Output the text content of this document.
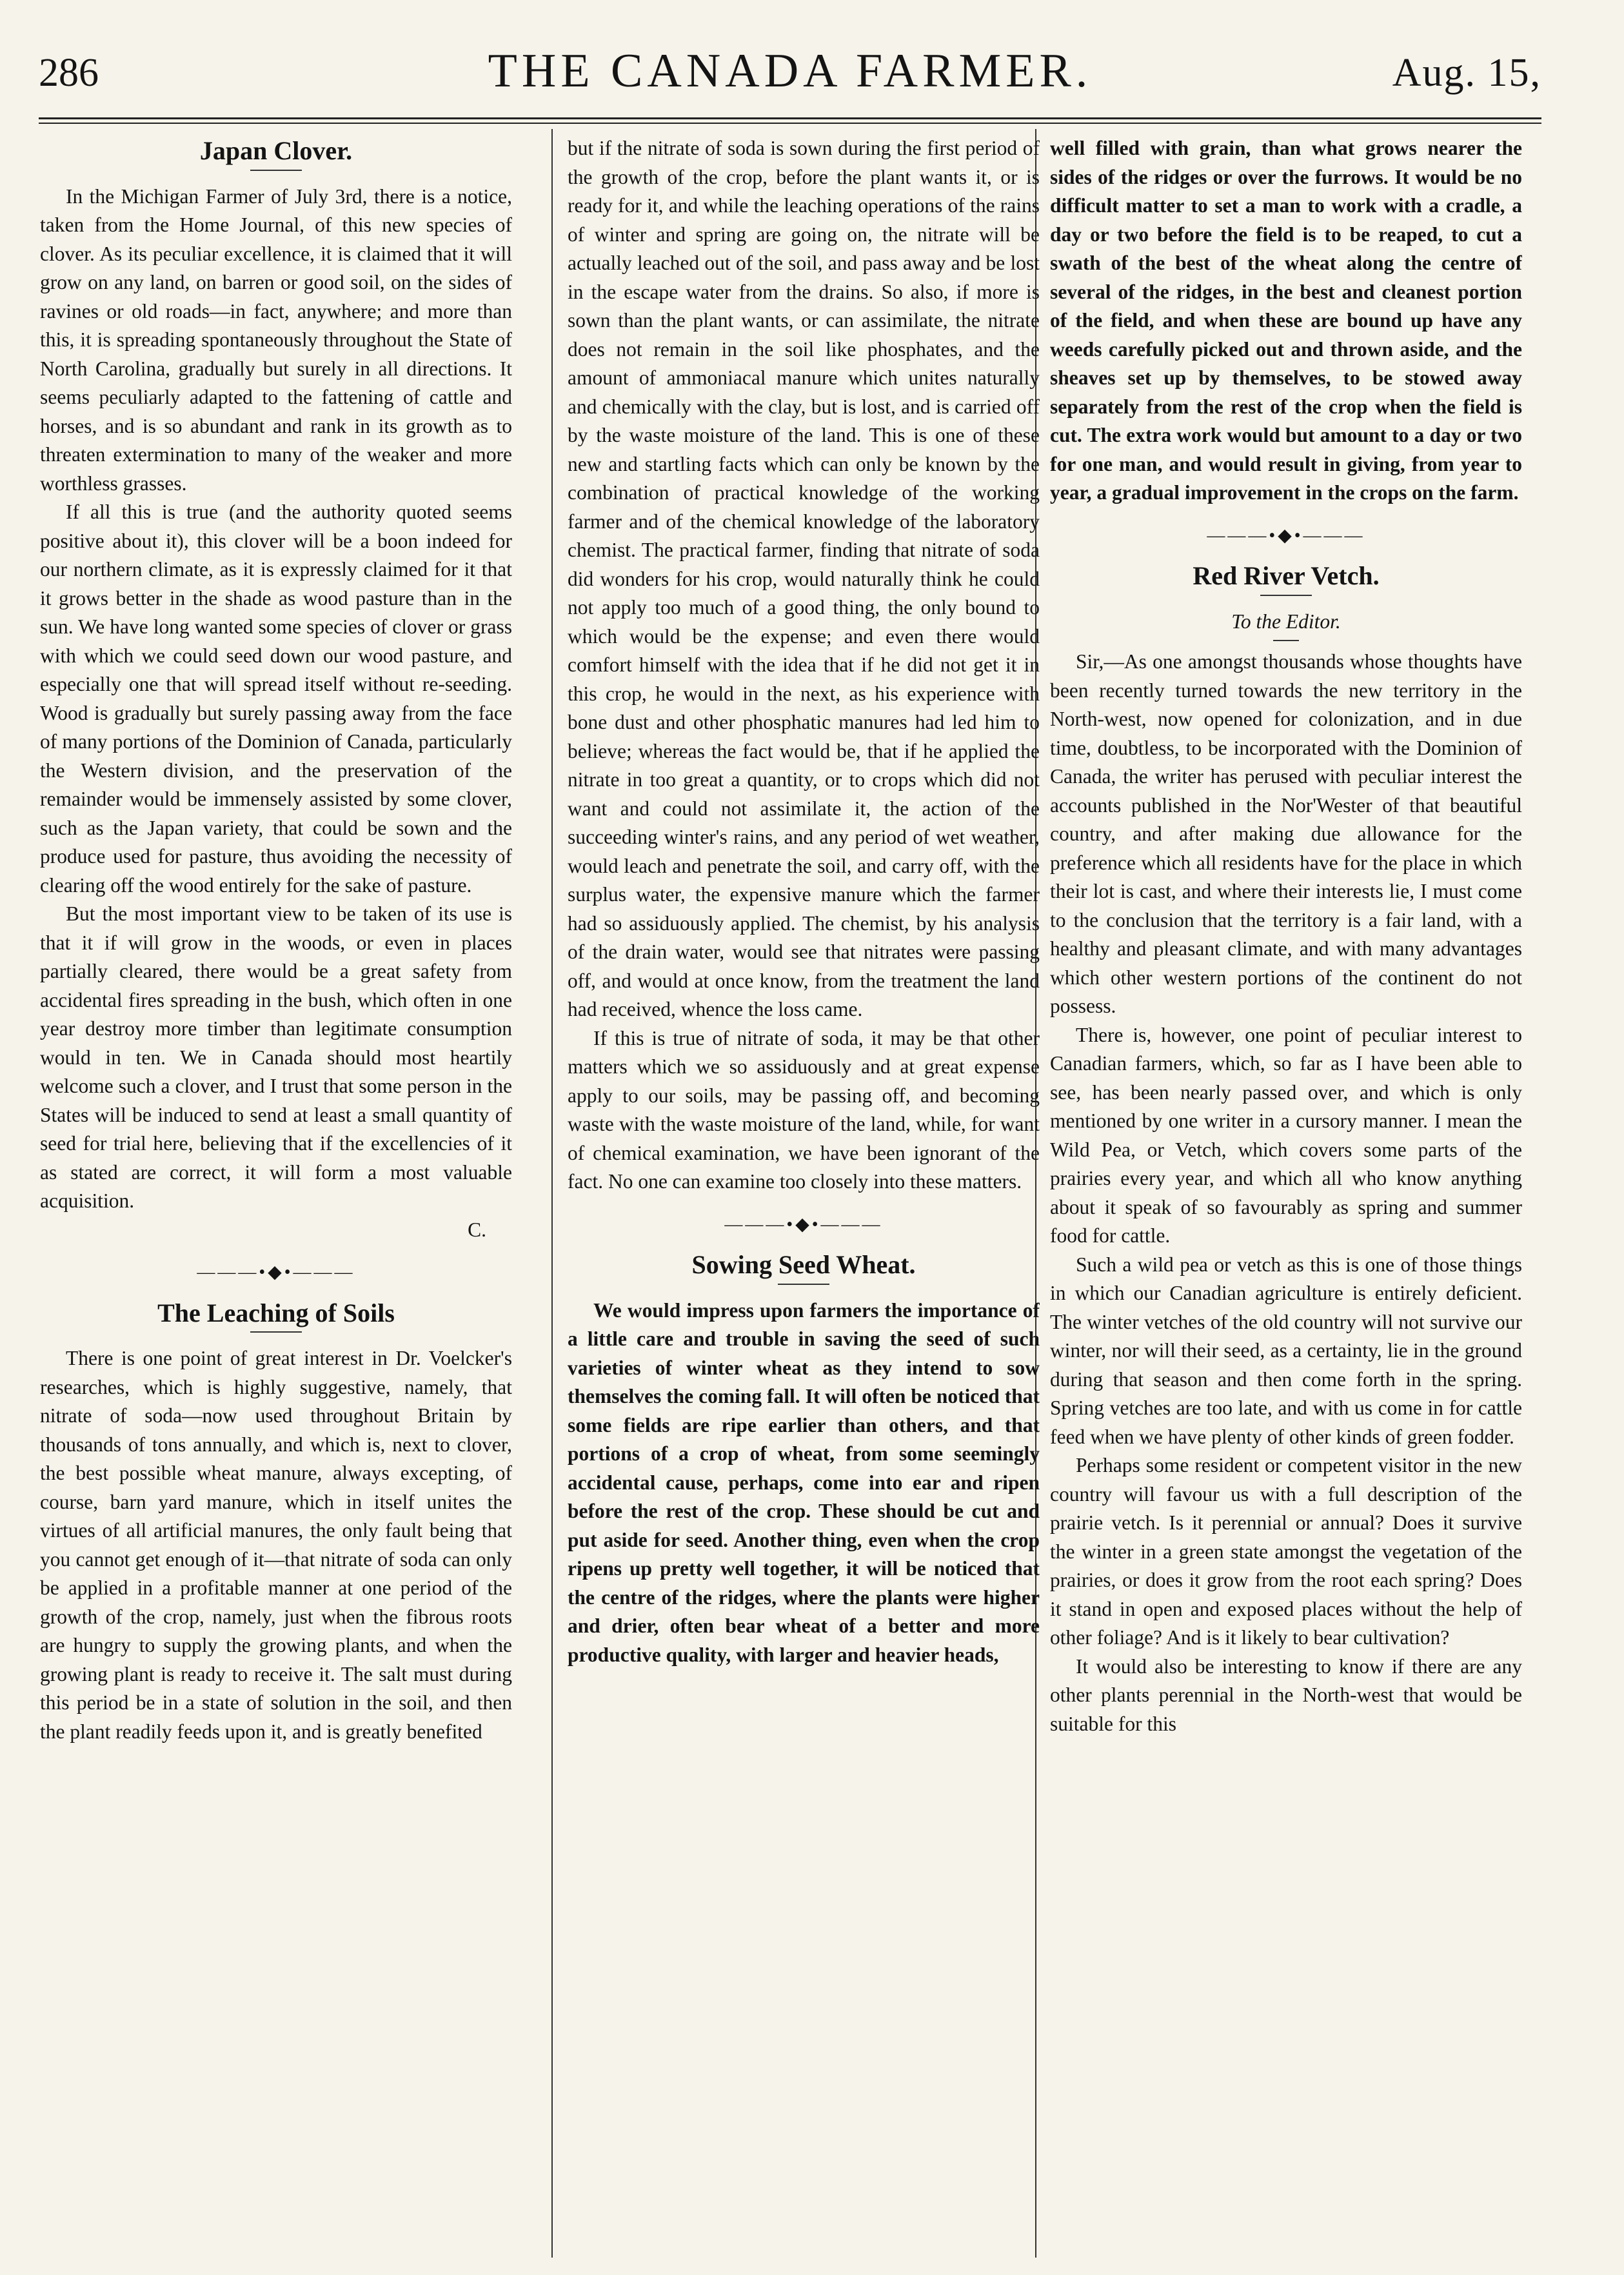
286	THE CANADA FARMER.	Aug. 15,
Japan Clover.

In the Michigan Farmer of July 3rd, there is a notice, taken from the Home Journal, of this new species of clover. As its peculiar excellence, it is claimed that it will grow on any land, on barren or good soil, on the sides of ravines or old roads—in fact, anywhere; and more than this, it is spreading spontaneously throughout the State of North Carolina, gradually but surely in all directions. It seems peculiarly adapted to the fattening of cattle and horses, and is so abundant and rank in its growth as to threaten extermination to many of the weaker and more worthless grasses.

If all this is true (and the authority quoted seems positive about it), this clover will be a boon indeed for our northern climate, as it is expressly claimed for it that it grows better in the shade as wood pasture than in the sun. We have long wanted some species of clover or grass with which we could seed down our wood pasture, and especially one that will spread itself without re-seeding. Wood is gradually but surely passing away from the face of many portions of the Dominion of Canada, particularly the Western division, and the preservation of the remainder would be immensely assisted by some clover, such as the Japan variety, that could be sown and the produce used for pasture, thus avoiding the necessity of clearing off the wood entirely for the sake of pasture.

But the most important view to be taken of its use is that it if will grow in the woods, or even in places partially cleared, there would be a great safety from accidental fires spreading in the bush, which often in one year destroy more timber than legitimate consumption would in ten. We in Canada should most heartily welcome such a clover, and I trust that some person in the States will be induced to send at least a small quantity of seed for trial here, believing that if the excellencies of it as stated are correct, it will form a most valuable acquisition.

C.
———•◆•———
The Leaching of Soils

There is one point of great interest in Dr. Voelcker's researches, which is highly suggestive, namely, that nitrate of soda—now used throughout Britain by thousands of tons annually, and which is, next to clover, the best possible wheat manure, always excepting, of course, barn yard manure, which in itself unites the virtues of all artificial manures, the only fault being that you cannot get enough of it—that nitrate of soda can only be applied in a profitable manner at one period of the growth of the crop, namely, just when the fibrous roots are hungry to supply the growing plants, and when the growing plant is ready to receive it. The salt must during this period be in a state of solution in the soil, and then the plant readily feeds upon it, and is greatly benefited

but if the nitrate of soda is sown during the first period of the growth of the crop, before the plant wants it, or is ready for it, and while the leaching operations of the rains of winter and spring are going on, the nitrate will be actually leached out of the soil, and pass away and be lost in the escape water from the drains. So also, if more is sown than the plant wants, or can assimilate, the nitrate does not remain in the soil like phosphates, and the amount of ammoniacal manure which unites naturally and chemically with the clay, but is lost, and is carried off by the waste moisture of the land. This is one of these new and startling facts which can only be known by the combination of practical knowledge of the working farmer and of the chemical knowledge of the laboratory chemist. The practical farmer, finding that nitrate of soda did wonders for his crop, would naturally think he could not apply too much of a good thing, the only bound to which would be the expense; and even there would comfort himself with the idea that if he did not get it in this crop, he would in the next, as his experience with bone dust and other phosphatic manures had led him to believe; whereas the fact would be, that if he applied the nitrate in too great a quantity, or to crops which did not want and could not assimilate it, the action of the succeeding winter's rains, and any period of wet weather, would leach and penetrate the soil, and carry off, with the surplus water, the expensive manure which the farmer had so assiduously applied. The chemist, by his analysis of the drain water, would see that nitrates were passing off, and would at once know, from the treatment the land had received, whence the loss came.

If this is true of nitrate of soda, it may be that other matters which we so assiduously and at great expense apply to our soils, may be passing off, and becoming waste with the waste moisture of the land, while, for want of chemical examination, we have been ignorant of the fact. No one can examine too closely into these matters.

———•◆•———
Sowing Seed Wheat.

We would impress upon farmers the importance of a little care and trouble in saving the seed of such varieties of winter wheat as they intend to sow themselves the coming fall. It will often be noticed that some fields are ripe earlier than others, and that portions of a crop of wheat, from some seemingly accidental cause, perhaps, come into ear and ripen before the rest of the crop. These should be cut and put aside for seed. Another thing, even when the crop ripens up pretty well together, it will be noticed that the centre of the ridges, where the plants were higher and drier, often bear wheat of a better and more productive quality, with larger and heavier heads,

well filled with grain, than what grows nearer the sides of the ridges or over the furrows. It would be no difficult matter to set a man to work with a cradle, a day or two before the field is to be reaped, to cut a swath of the best of the wheat along the centre of several of the ridges, in the best and cleanest portion of the field, and when these are bound up have any weeds carefully picked out and thrown aside, and the sheaves set up by themselves, to be stowed away separately from the rest of the crop when the field is cut. The extra work would but amount to a day or two for one man, and would result in giving, from year to year, a gradual improvement in the crops on the farm.

———•◆•———
Red River Vetch.
To the Editor.

Sir,—As one amongst thousands whose thoughts have been recently turned towards the new territory in the North-west, now opened for colonization, and in due time, doubtless, to be incorporated with the Dominion of Canada, the writer has perused with peculiar interest the accounts published in the Nor'Wester of that beautiful country, and after making due allowance for the preference which all residents have for the place in which their lot is cast, and where their interests lie, I must come to the conclusion that the territory is a fair land, with a healthy and pleasant climate, and with many advantages which other western portions of the continent do not possess.

There is, however, one point of peculiar interest to Canadian farmers, which, so far as I have been able to see, has been nearly passed over, and which is only mentioned by one writer in a cursory manner. I mean the Wild Pea, or Vetch, which covers some parts of the prairies every year, and which all who know anything about it speak of so favourably as spring and summer food for cattle.

Such a wild pea or vetch as this is one of those things in which our Canadian agriculture is entirely deficient. The winter vetches of the old country will not survive our winter, nor will their seed, as a certainty, lie in the ground during that season and then come forth in the spring. Spring vetches are too late, and with us come in for cattle feed when we have plenty of other kinds of green fodder.

Perhaps some resident or competent visitor in the new country will favour us with a full description of the prairie vetch. Is it perennial or annual? Does it survive the winter in a green state amongst the vegetation of the prairies, or does it grow from the root each spring? Does it stand in open and exposed places without the help of other foliage? And is it likely to bear cultivation?

It would also be interesting to know if there are any other plants perennial in the North-west that would be suitable for this
